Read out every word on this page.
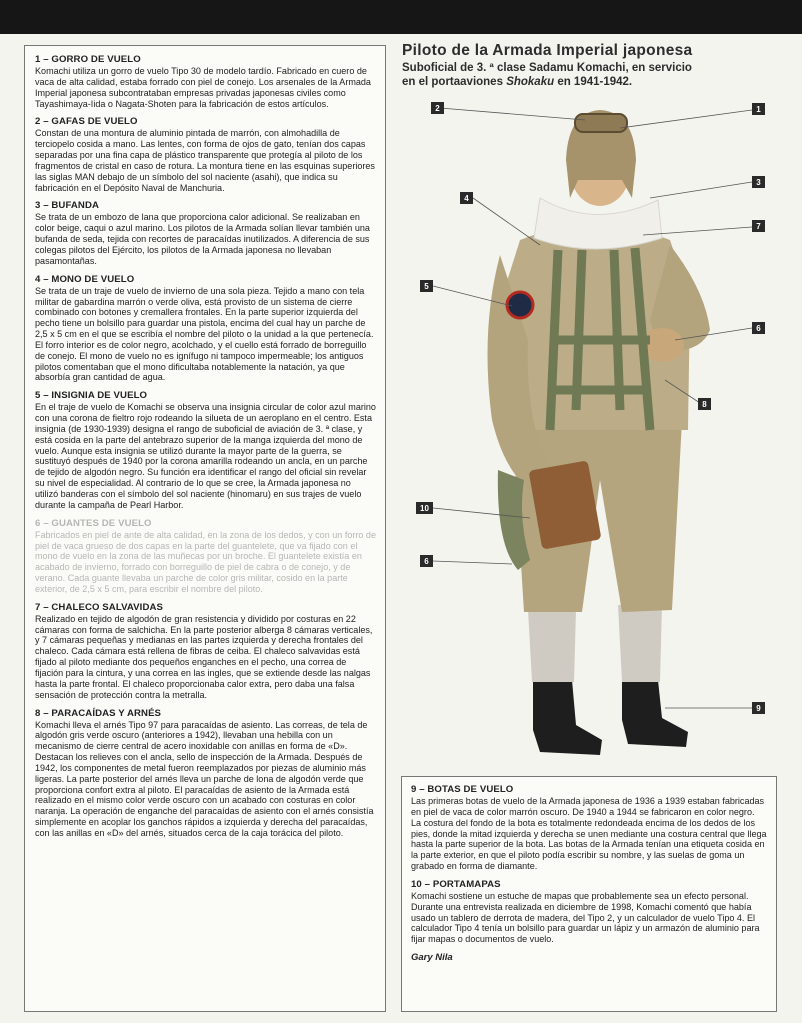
1 – GORRO DE VUELO

Komachi utiliza un gorro de vuelo Tipo 30 de modelo tardío. Fabricado en cuero de vaca de alta calidad, estaba forrado con piel de conejo. Los arsenales de la Armada Imperial japonesa subcontrataban empresas privadas japonesas civiles como Tayashimaya-Iida o Nagata-Shoten para la fabricación de estos artículos.

2 – GAFAS DE VUELO

Constan de una montura de aluminio pintada de marrón, con almohadilla de terciopelo cosida a mano. Las lentes, con forma de ojos de gato, tenían dos capas separadas por una fina capa de plástico transparente que protegía al piloto de los fragmentos de cristal en caso de rotura. La montura tiene en las esquinas superiores las siglas MAN debajo de un símbolo del sol naciente (asahi), que indica su fabricación en el Depósito Naval de Manchuria.

3 – BUFANDA

Se trata de un embozo de lana que proporciona calor adicional. Se realizaban en color beige, caqui o azul marino. Los pilotos de la Armada solían llevar también una bufanda de seda, tejida con recortes de paracaídas inutilizados. A diferencia de sus colegas pilotos del Ejército, los pilotos de la Armada japonesa no llevaban pasamontañas.

4 – MONO DE VUELO

Se trata de un traje de vuelo de invierno de una sola pieza. Tejido a mano con tela militar de gabardina marrón o verde oliva, está provisto de un sistema de cierre combinado con botones y cremallera frontales. En la parte superior izquierda del pecho tiene un bolsillo para guardar una pistola, encima del cual hay un parche de 2,5 x 5 cm en el que se escribía el nombre del piloto o la unidad a la que pertenecía. El forro interior es de color negro, acolchado, y el cuello está forrado de borreguillo de conejo. El mono de vuelo no es ignífugo ni tampoco impermeable; los antiguos pilotos comentaban que el mono dificultaba notablemente la natación, ya que absorbía gran cantidad de agua.

5 – INSIGNIA DE VUELO

En el traje de vuelo de Komachi se observa una insignia circular de color azul marino con una corona de fieltro rojo rodeando la silueta de un aeroplano en el centro. Esta insignia (de 1930-1939) designa el rango de suboficial de aviación de 3. ª clase, y está cosida en la parte del antebrazo superior de la manga izquierda del mono de vuelo. Aunque esta insignia se utilizó durante la mayor parte de la guerra, se sustituyó después de 1940 por la corona amarilla rodeando un ancla, en un parche de tejido de algodón negro. Su función era identificar el rango del oficial sin revelar su nivel de especialidad. Al contrario de lo que se cree, la Armada japonesa no utilizó banderas con el símbolo del sol naciente (hinomaru) en sus trajes de vuelo durante la campaña de Pearl Harbor.

6 – GUANTES DE VUELO

Fabricados en piel de ante de alta calidad, en la zona de los dedos, y con un forro de piel de vaca grueso de dos capas en la parte del guantelete, que va fijado con el mono de vuelo en la zona de las muñecas por un broche. El guantelete existía en acabado de invierno, forrado con borreguillo de piel de cabra o de conejo, y de verano. Cada guante llevaba un parche de color gris militar, cosido en la parte exterior, de 2,5 x 5 cm, para escribir el nombre del piloto.

7 – CHALECO SALVAVIDAS

Realizado en tejido de algodón de gran resistencia y dividido por costuras en 22 cámaras con forma de salchicha. En la parte posterior alberga 8 cámaras verticales, y 7 cámaras pequeñas y medianas en las partes izquierda y derecha frontales del chaleco. Cada cámara está rellena de fibras de ceiba. El chaleco salvavidas está fijado al piloto mediante dos pequeños enganches en el pecho, una correa de fijación para la cintura, y una correa en las ingles, que se extiende desde las nalgas hasta la parte frontal. El chaleco proporcionaba calor extra, pero daba una falsa sensación de protección contra la metralla.

8 – PARACAÍDAS Y ARNÉS

Komachi lleva el arnés Tipo 97 para paracaídas de asiento. Las correas, de tela de algodón gris verde oscuro (anteriores a 1942), llevaban una hebilla con un mecanismo de cierre central de acero inoxidable con anillas en forma de «D». Destacan los relieves con el ancla, sello de inspección de la Armada. Después de 1942, los componentes de metal fueron reemplazados por piezas de aluminio más ligeras. La parte posterior del arnés lleva un parche de lona de algodón verde que proporciona confort extra al piloto. El paracaídas de asiento de la Armada está realizado en el mismo color verde oscuro con un acabado con costuras en color naranja. La operación de enganche del paracaídas de asiento con el arnés consistía simplemente en acoplar los ganchos rápidos a izquierda y derecha del paracaídas, con las anillas en «D» del arnés, situados cerca de la caja torácica del piloto.

Piloto de la Armada Imperial japonesa
Suboficial de 3. ª clase Sadamu Komachi, en servicio
en el portaaviones Shokaku en 1941-1942.
1
2
3
4
5
6
7
8
9
10
6
9 – BOTAS DE VUELO

Las primeras botas de vuelo de la Armada japonesa de 1936 a 1939 estaban fabricadas en piel de vaca de color marrón oscuro. De 1940 a 1944 se fabricaron en color negro. La costura del fondo de la bota es totalmente redondeada encima de los dedos de los pies, donde la mitad izquierda y derecha se unen mediante una costura central que llega hasta la parte superior de la bota. Las botas de la Armada tenían una etiqueta cosida en la parte exterior, en que el piloto podía escribir su nombre, y las suelas de goma un grabado en forma de diamante.

10 – PORTAMAPAS

Komachi sostiene un estuche de mapas que probablemente sea un efecto personal. Durante una entrevista realizada en diciembre de 1998, Komachi comentó que había usado un tablero de derrota de madera, del Tipo 2, y un calculador de vuelo Tipo 4. El calculador Tipo 4 tenía un bolsillo para guardar un lápiz y un armazón de aluminio para fijar mapas o documentos de vuelo.

Gary Nila
